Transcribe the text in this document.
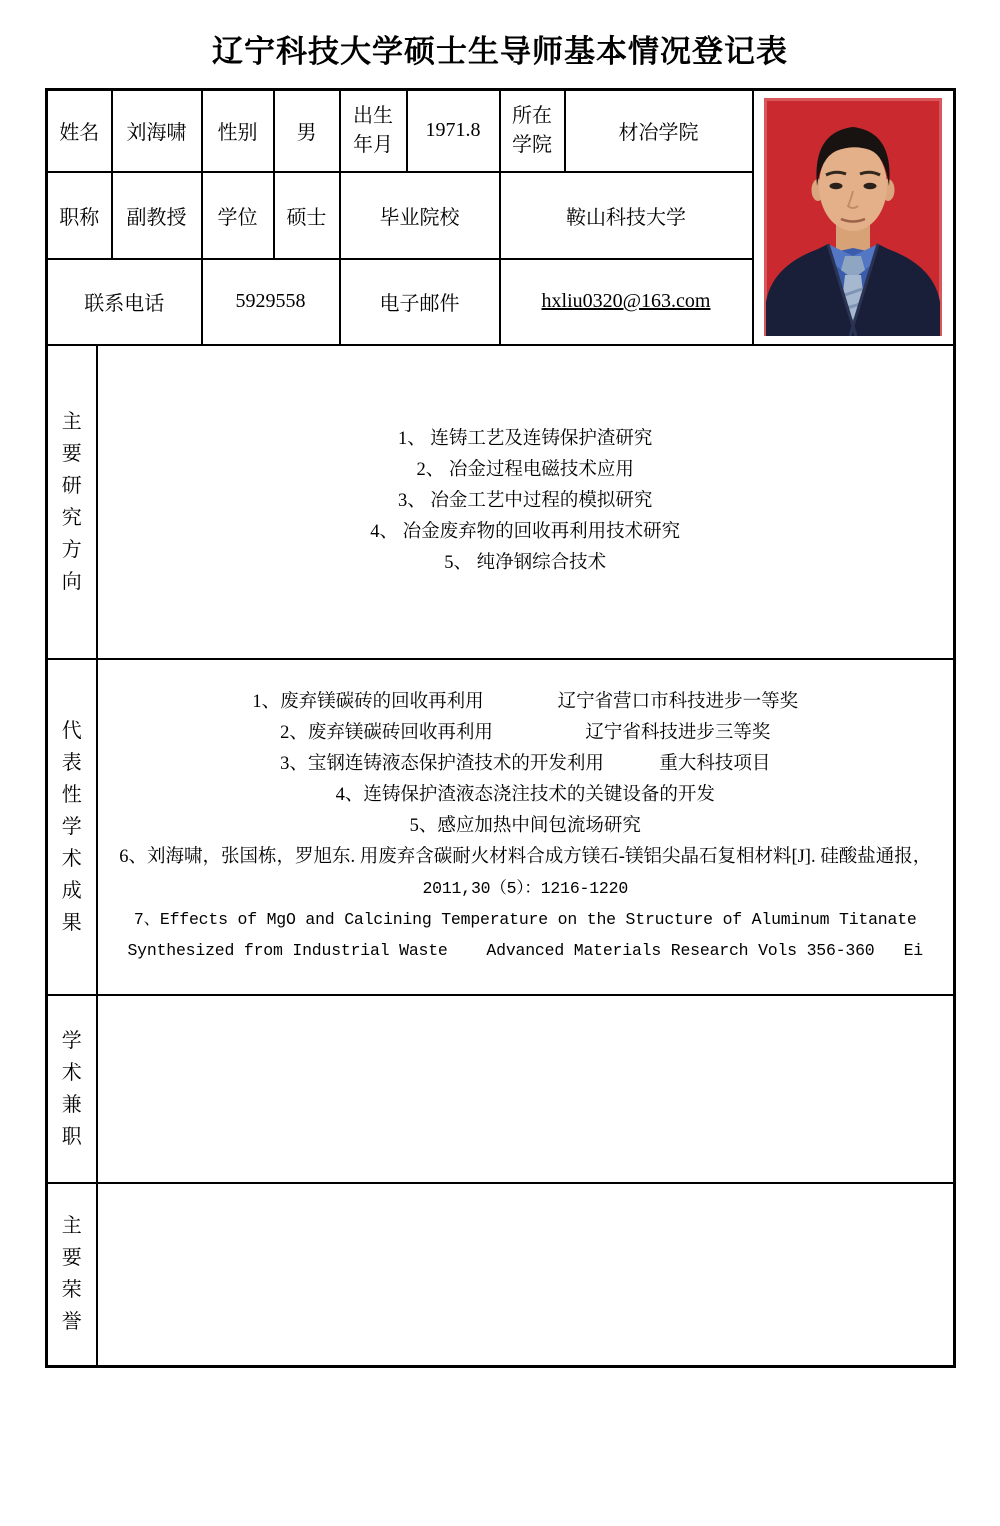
辽宁科技大学硕士生导师基本情况登记表
姓名		刘海啸	性别	男	出生年月	1971.8	所在学院	材冶学院	

职称		副教授	学位	硕士	毕业院校		鞍山科技大学		
联系电话			5929558		电子邮件		hxliu0320@163.com		
主要研究方向	1、 连铸工艺及连铸保护渣研究
2、 冶金过程电磁技术应用
3、 冶金工艺中过程的模拟研究
4、 冶金废弃物的回收再利用技术研究
5、 纯净钢综合技术								

代表性学术成果	
1、废弃镁碳砖的回收再利用　　　　辽宁省营口市科技进步一等奖
2、废弃镁碳砖回收再利用　　　　　辽宁省科技进步三等奖
3、宝钢连铸液态保护渣技术的开发利用　　　重大科技项目
4、连铸保护渣液态浇注技术的关键设备的开发
5、感应加热中间包流场研究
6、刘海啸，张国栋，罗旭东. 用废弃含碳耐火材料合成方镁石-镁铝尖晶石复相材料[J]. 硅酸盐通报，
2011,30（5）：1216-1220
7、Effects of MgO and Calcining Temperature on the Structure of Aluminum Titanate
Synthesized from Industrial Waste    Advanced Materials Research Vols 356-360   Ei

学术兼职									
主要荣誉									
